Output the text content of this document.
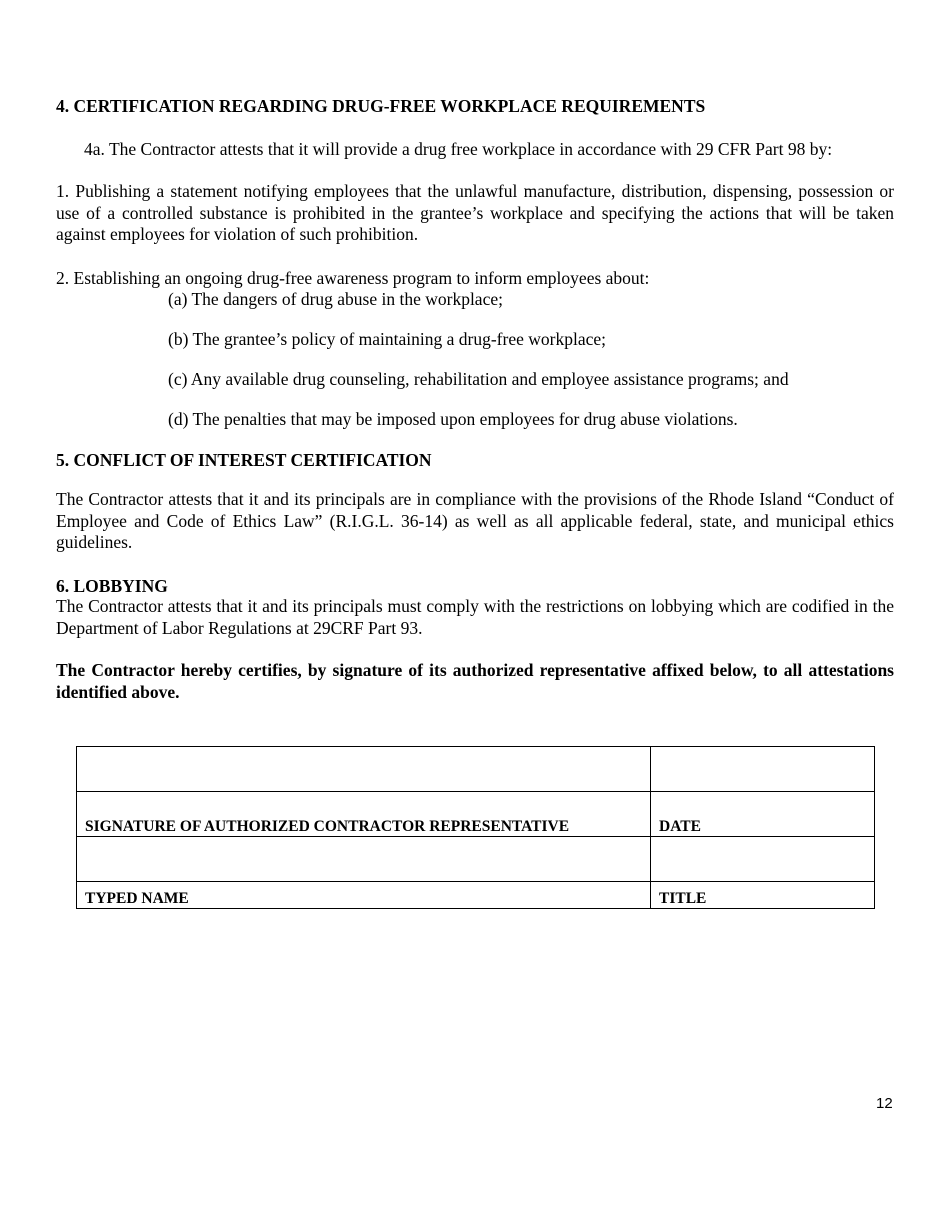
4. CERTIFICATION REGARDING DRUG-FREE WORKPLACE REQUIREMENTS
4a. The Contractor attests that it will provide a drug free workplace in accordance with 29 CFR Part 98 by:
1. Publishing a statement notifying employees that the unlawful manufacture, distribution, dispensing, possession or use of a controlled substance is prohibited in the grantee’s workplace and specifying the actions that will be taken against employees for violation of such prohibition.
2. Establishing an ongoing drug-free awareness program to inform employees about:
(a) The dangers of drug abuse in the workplace;
(b) The grantee’s policy of maintaining a drug-free workplace;
(c) Any available drug counseling, rehabilitation and employee assistance programs; and
(d) The penalties that may be imposed upon employees for drug abuse violations.
5. CONFLICT OF INTEREST CERTIFICATION
The Contractor attests that it and its principals are in compliance with the provisions of the Rhode Island “Conduct of Employee and Code of Ethics Law” (R.I.G.L. 36-14) as well as all applicable federal, state, and municipal ethics guidelines.
6. LOBBYING
The Contractor attests that it and its principals must comply with the restrictions on lobbying which are codified in the Department of Labor Regulations at 29CRF Part 93.
The Contractor hereby certifies, by signature of its authorized representative affixed below, to all attestations identified above.

SIGNATURE OF AUTHORIZED CONTRACTOR REPRESENTATIVE	DATE

TYPED NAME	TITLE
12
